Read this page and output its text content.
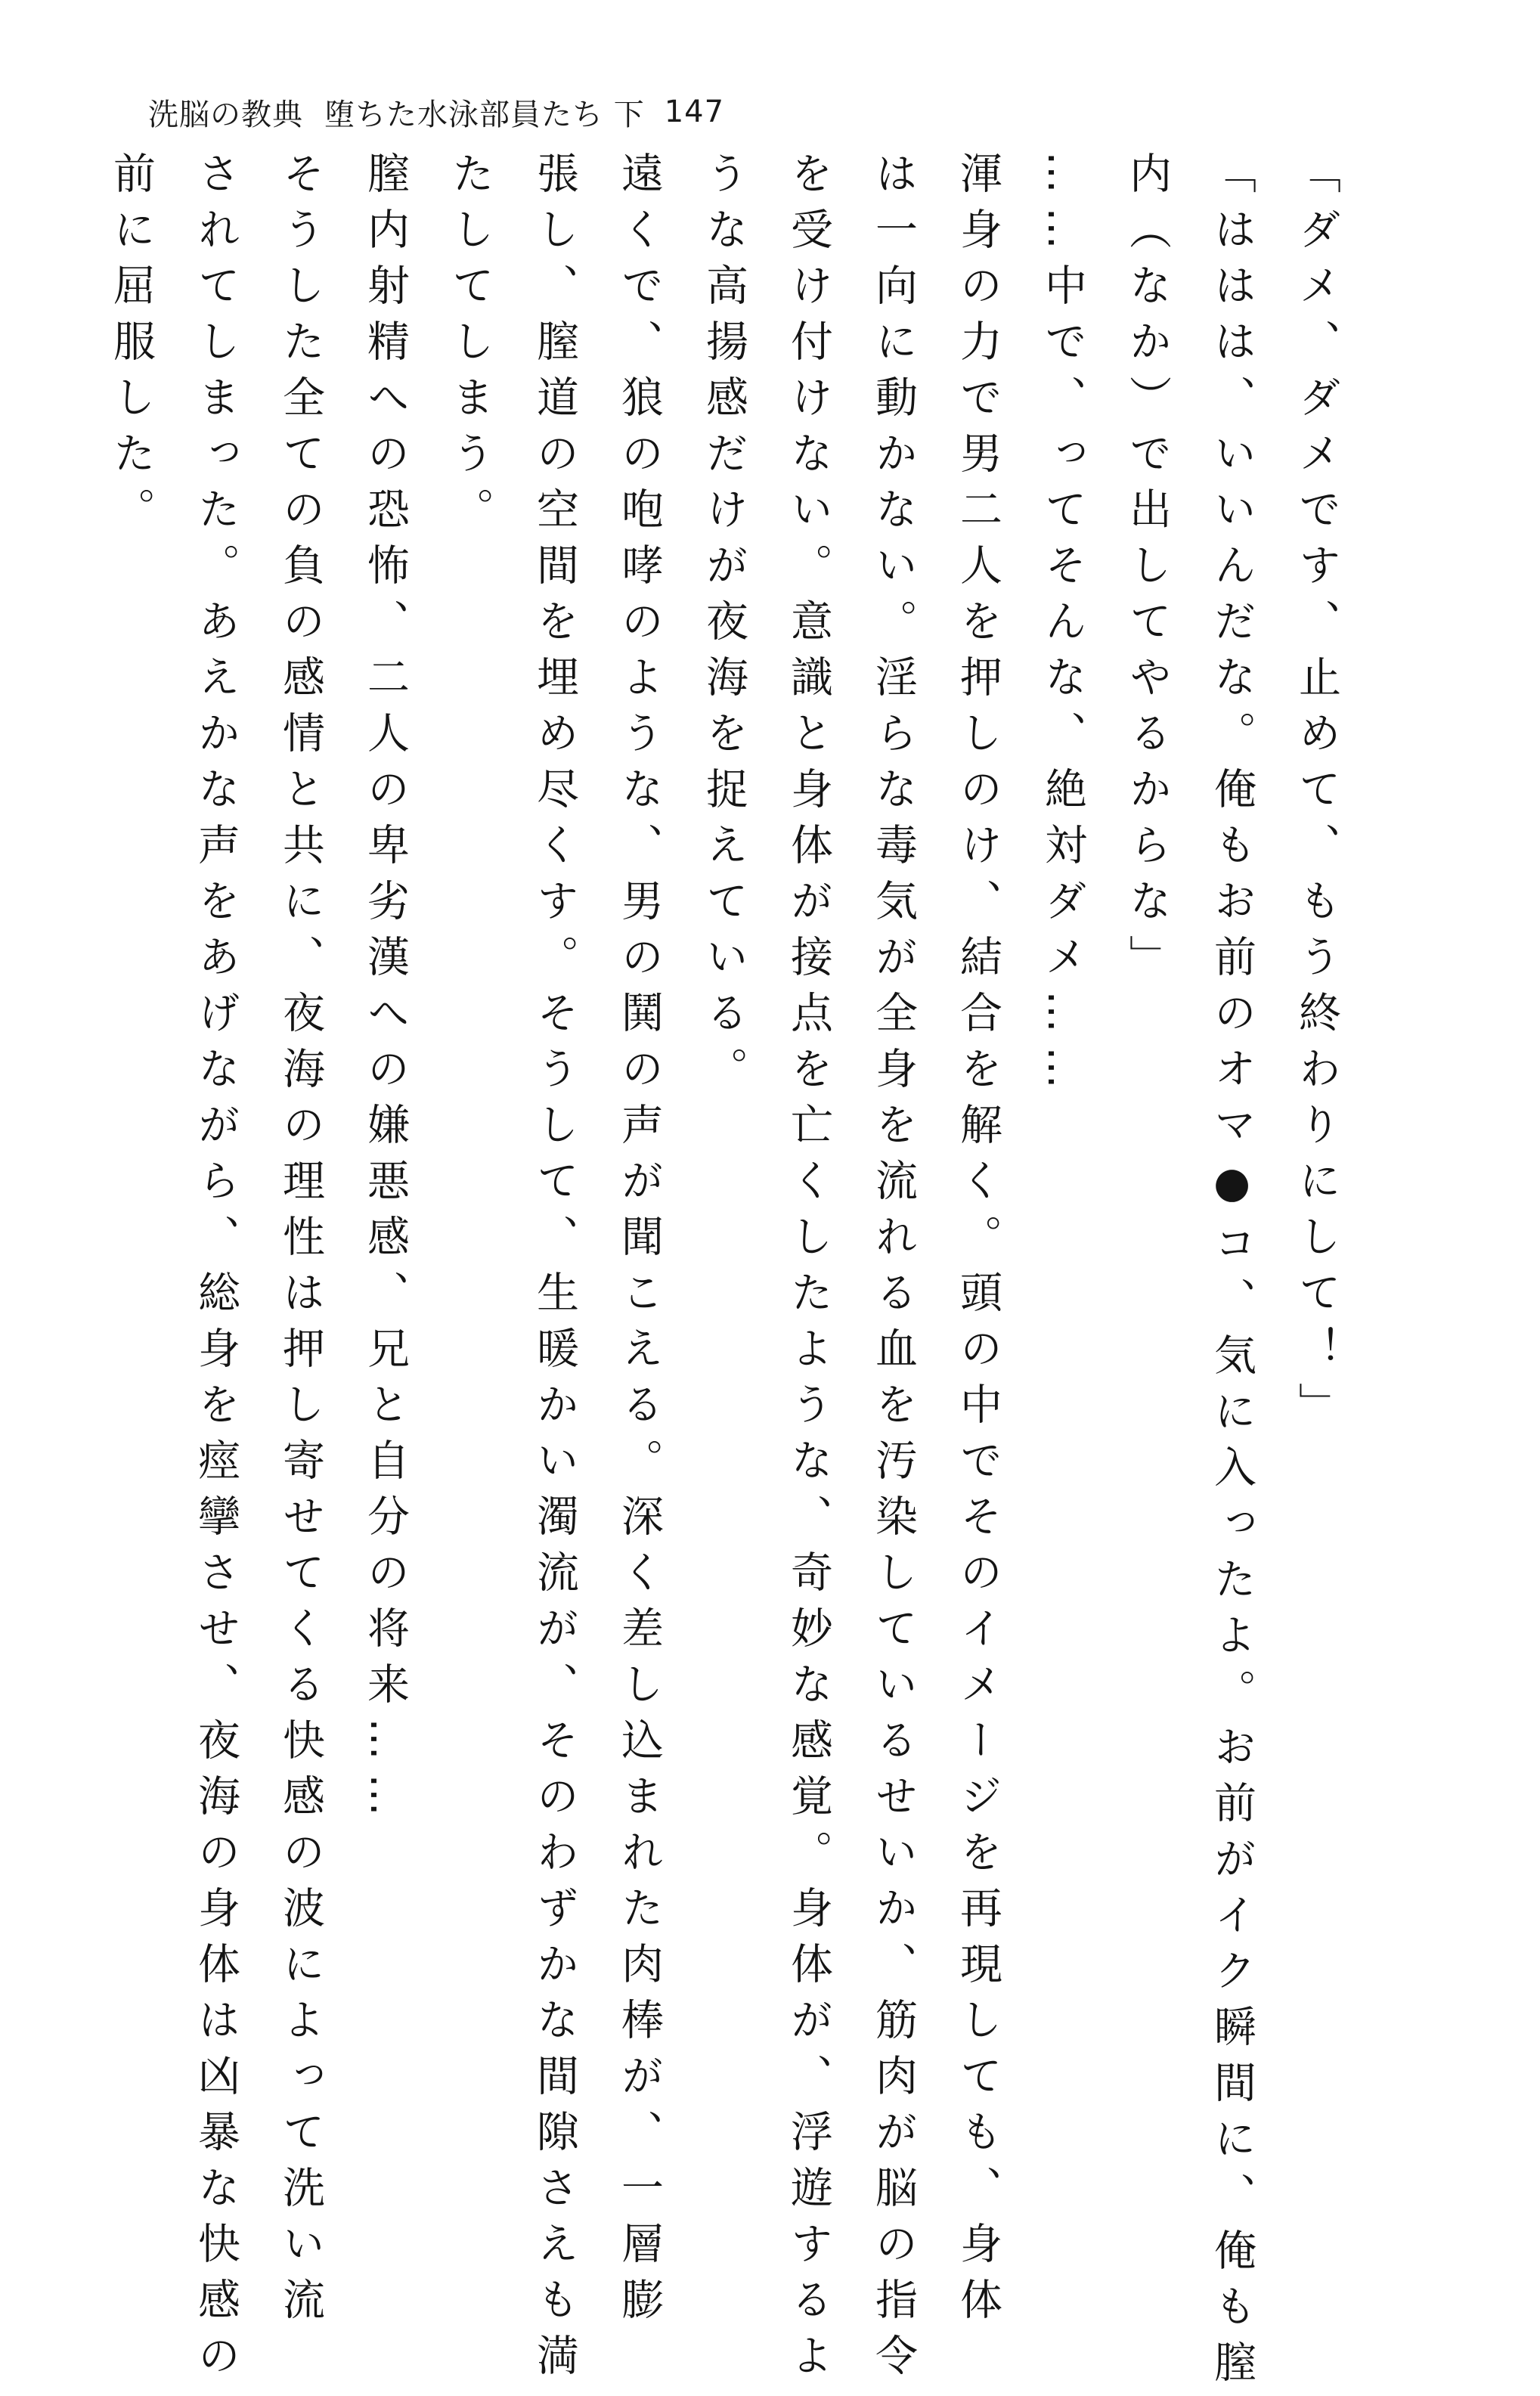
洗脳の教典 堕ちた水泳部員たち 下 147
「ダメ、ダメです、止めて、もう終わりにして！」
「ははは、いいんだな。俺もお前のオマ●コ、気に入ったよ。お前がイク瞬間に、俺も膣
内（なか）で出してやるからな」
……中で、ってそんな、絶対ダメ……
渾身の力で男二人を押しのけ、結合を解く。頭の中でそのイメージを再現しても、身体
は一向に動かない。淫らな毒気が全身を流れる血を汚染しているせいか、筋肉が脳の指令
を受け付けない。意識と身体が接点を亡くしたような、奇妙な感覚。身体が、浮遊するよ
うな高揚感だけが夜海を捉えている。
遠くで、狼の咆哮のような、男の鬨の声が聞こえる。深く差し込まれた肉棒が、一層膨
張し、膣道の空間を埋め尽くす。そうして、生暖かい濁流が、そのわずかな間隙さえも満
たしてしまう。
膣内射精への恐怖、二人の卑劣漢への嫌悪感、兄と自分の将来……
そうした全ての負の感情と共に、夜海の理性は押し寄せてくる快感の波によって洗い流
されてしまった。あえかな声をあげながら、総身を痙攣させ、夜海の身体は凶暴な快感の
前に屈服した。
